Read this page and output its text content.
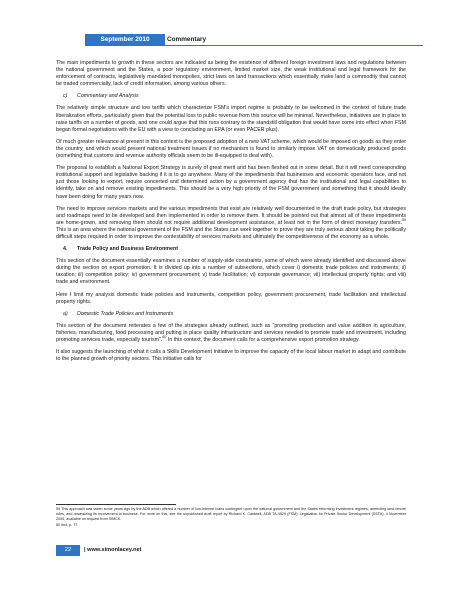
September 2010	Commentary

The main impediments to growth in these sectors are indicated as being the existence of different foreign investment laws and regulations between the national government and the States, a poor regulatory environment, limited market size, the weak institutional and legal framework for the enforcement of contracts, legislatively mandated monopolies, strict laws on land transactions which essentially make land a commodity that cannot be traded commercially, lack of credit information, among various others.

c) Commentary and Analysis

The relatively simple structure and low tariffs which characterize FSM's import regime is probably to be welcomed in the context of future trade liberalization efforts, particularly given that the potential loss to public revenue from this source will be minimal. Nevertheless, initiatives are in place to raise tariffs on a number of goods, and one could argue that this runs contrary to the standstill obligation that would have come into effect when FSM began formal negotiations with the EU with a view to concluding an EPA (or even PACER plus).

Of much greater relevance at present in this context is the proposed adoption of a new VAT scheme, which would be imposed on goods as they enter the country, and which would present national treatment issues if no mechanism is found to similarly impose VAT on domestically produced goods (something that customs and revenue authority officials seem to be ill-equipped to deal with).

The proposal to establish a National Export Strategy is surely of great merit and has been fleshed out in some detail. But it will need corresponding institutional support and legislative backing if it is to go anywhere. Many of the impediments that businesses and economic operators face, and not just those looking to export, require concerted and determined action by a government agency that has the institutional and legal capabilities to identify, take on and remove existing impediments. This should be a very high priority of the FSM government and something that it should ideally have been doing for many years now.

The need to improve services markets and the various impediments that exist are relatively well documented in the draft trade policy, but strategies and roadmaps need to be developed and then implemented in order to remove them. It should be pointed out that almost all of these impediments are home-grown, and removing them should not require additional development assistance, at least not in the form of direct monetary transfers.$^{59}$ This is an area where the national government of the FSM and the States can work together to prove they are truly serious about taking the politically difficult steps required in order to improve the contestability of services markets and ultimately the competitiveness of the economy as a whole.

4. Trade Policy and Business Environment

This section of the document essentially examines a number of supply-side constraints, some of which were already identified and discussed above during the section on export promotion. It is divided up into a number of subsections, which cover i) domestic trade policies and instruments; ii) taxation; iii) competition policy; iv) government procurement; v) trade facilitation; vi) corporate governance; vii) intellectual property rights; and viii) trade and environment.

Here I limit my analysis domestic trade policies and instruments, competition policy, government procurement, trade facilitation and intellectual property rights.

a) Domestic Trade Policies and Instruments

This section of the document reiterates a few of the strategies already outlined, such as "promoting production and value addition in agriculture, fisheries, manufacturing, food processing and putting in place quality infrastructure and services needed to promote trade and investment, including promoting services trade, especially tourism".$^{60}$ In this context, the document calls for a comprehensive export promotion strategy.

It also suggests the launching of what it calls a Skills Development Initiative to improve the capacity of the local labour market to adapt and contribute to the planned growth of priority sectors. This initiative calls for

59 This approach was taken some years ago by the ADB which offered a number of low-interest loans contingent upon the national government and the States reforming investment regimes, amending land-tenure rules, and downsizing its involvement in business. For more on this, see the unpublished draft report by Richard K. Caldwell, ADB TA-4529 (FSM): Legislation for Private Sector Development (SSTA), 4 November 2005, available on request from SIMCK.

60 Ibid, p. 77.

22	| www.simonlacey.net
